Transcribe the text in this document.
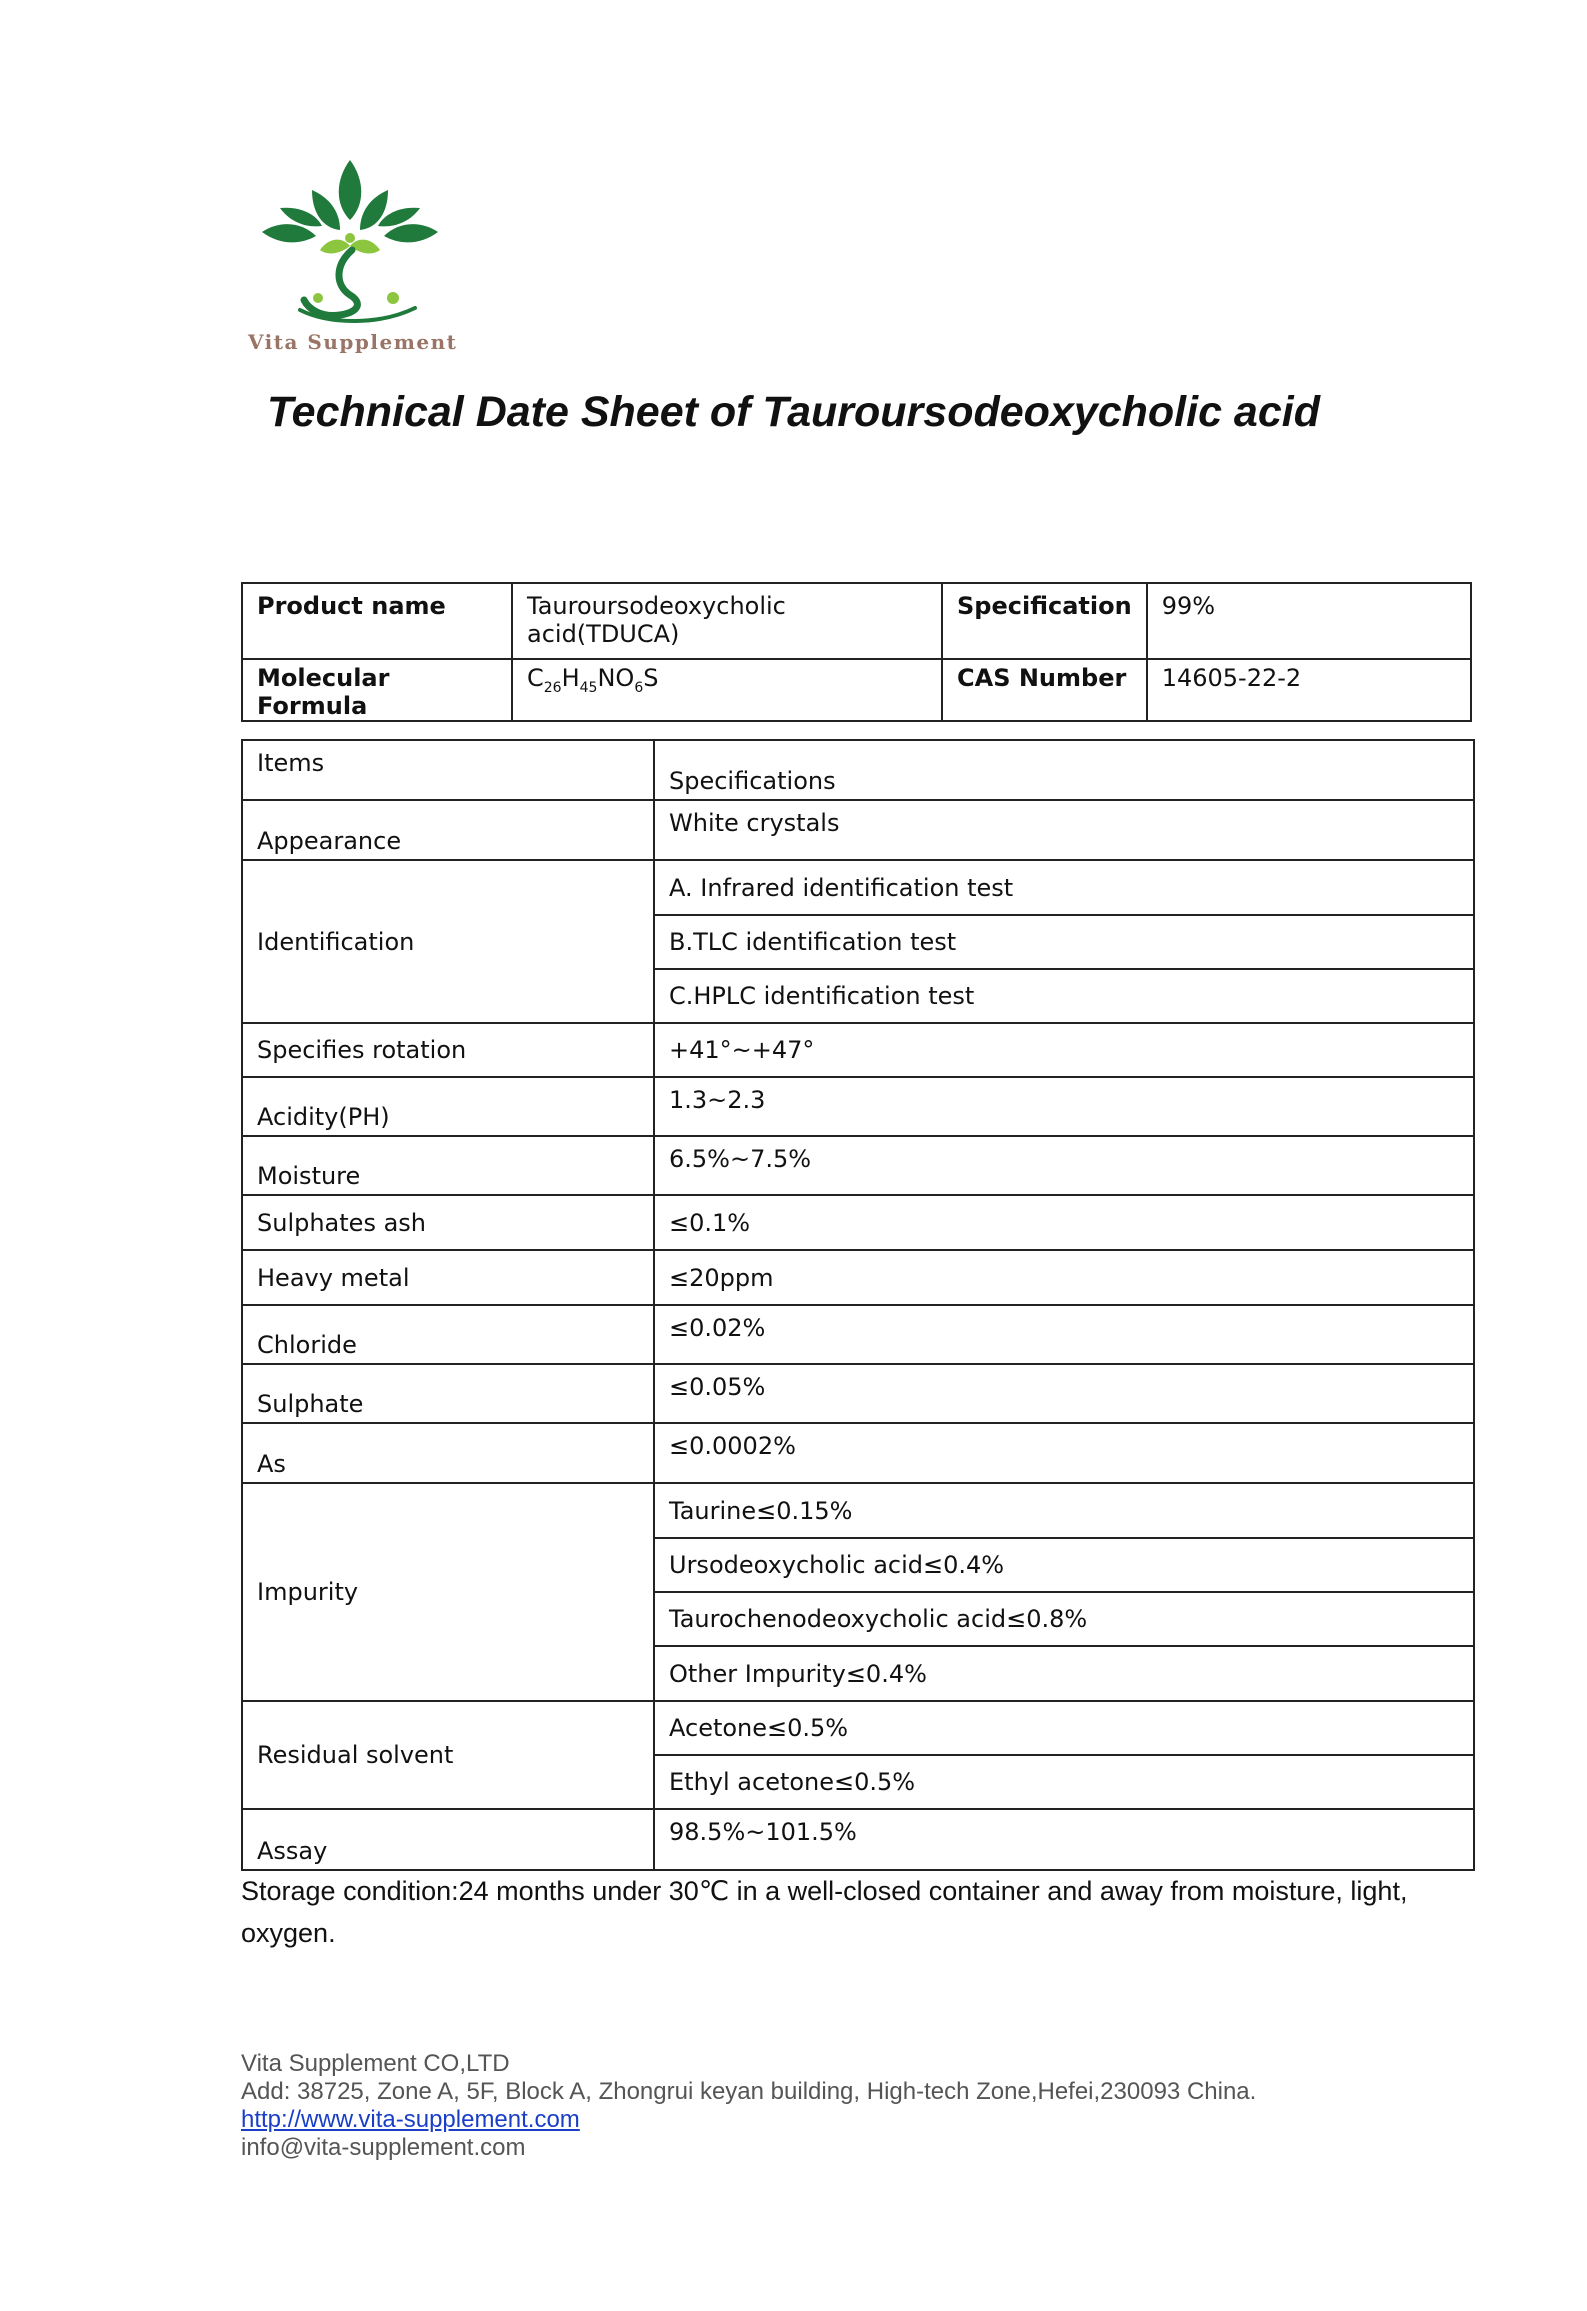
Vita Supplement
Technical Date Sheet of Tauroursodeoxycholic acid
Product name	Tauroursodeoxycholic acid(TDUCA)	Specification	99%
Molecular Formula	$C_{26}H_{45}NO_6S$	CAS Number	14605-22-2
Items	Specifications
Appearance	White crystals
Identification	A. Infrared identification test
	B.TLC identification test
	C.HPLC identification test
Specifies rotation	+41°~+47°
Acidity(PH)	1.3~2.3
Moisture	6.5%~7.5%
Sulphates ash	≤0.1%
Heavy metal	≤20ppm
Chloride	≤0.02%
Sulphate	≤0.05%
As	≤0.0002%
Impurity	Taurine≤0.15%
	Ursodeoxycholic acid≤0.4%
	Taurochenodeoxycholic acid≤0.8%
	Other Impurity≤0.4%
Residual solvent	Acetone≤0.5%
	Ethyl acetone≤0.5%
Assay	98.5%~101.5%
Storage condition:24 months under 30℃ in a well-closed container and away from moisture, light, oxygen.
Vita Supplement CO,LTD
Add: 38725, Zone A, 5F, Block A, Zhongrui keyan building, High-tech Zone,Hefei,230093 China.
http://www.vita-supplement.com
info@vita-supplement.com
